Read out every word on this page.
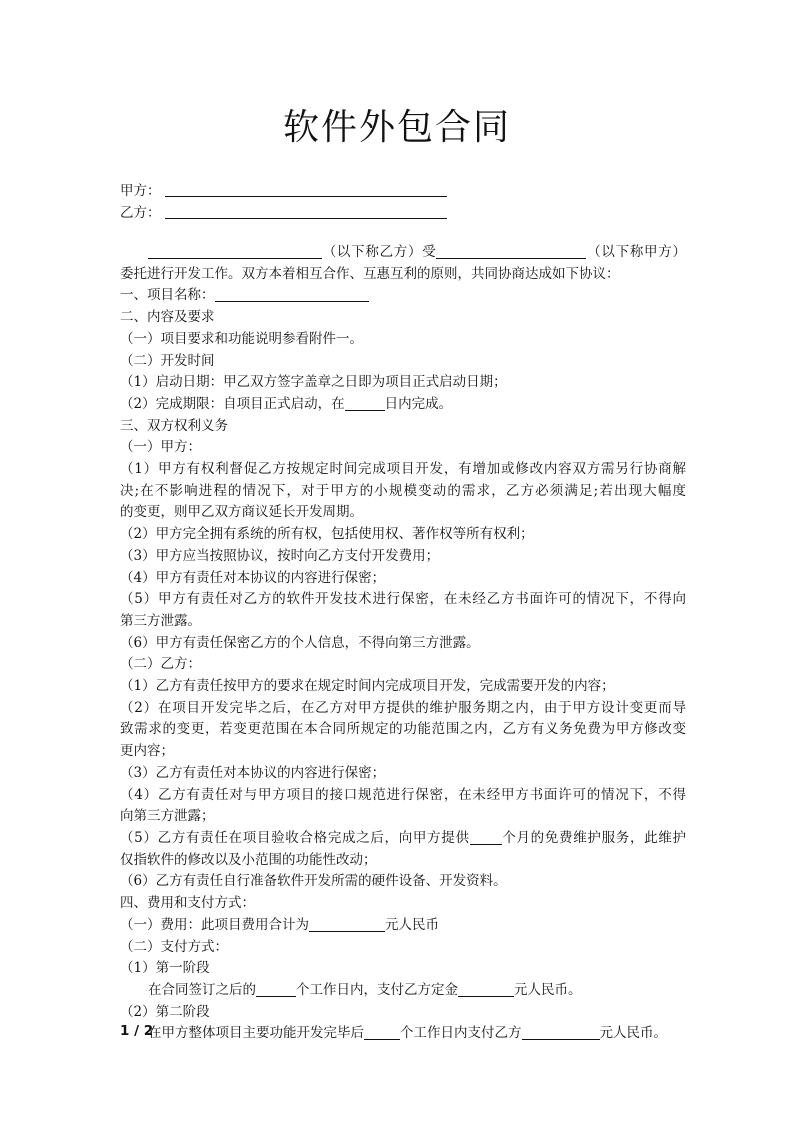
软件外包合同
甲方：
乙方：

（以下称乙方）受	（以下称甲方）

委托进行开发工作。双方本着相互合作、互惠互利的原则，共同协商达成如下协议：

一、项目名称：

二、内容及要求

（一）项目要求和功能说明参看附件一。

（二）开发时间

（1）启动日期：甲乙双方签字盖章之日即为项目正式启动日期；

（2）完成期限：自项目正式启动，在	日内完成。

三、双方权利义务

（一）甲方：

（1）甲方有权利督促乙方按规定时间完成项目开发，有增加或修改内容双方需另行协商解

决;在不影响进程的情况下，对于甲方的小规模变动的需求，乙方必须满足;若出现大幅度

的变更，则甲乙双方商议延长开发周期。

（2）甲方完全拥有系统的所有权，包括使用权、著作权等所有权利；

（3）甲方应当按照协议，按时向乙方支付开发费用；

（4）甲方有责任对本协议的内容进行保密；

（5）甲方有责任对乙方的软件开发技术进行保密，在未经乙方书面许可的情况下，不得向

第三方泄露。

（6）甲方有责任保密乙方的个人信息，不得向第三方泄露。

（二）乙方：

（1）乙方有责任按甲方的要求在规定时间内完成项目开发，完成需要开发的内容；

（2）在项目开发完毕之后，在乙方对甲方提供的维护服务期之内，由于甲方设计变更而导

致需求的变更，若变更范围在本合同所规定的功能范围之内，乙方有义务免费为甲方修改变

更内容；

（3）乙方有责任对本协议的内容进行保密；

（4）乙方有责任对与甲方项目的接口规范进行保密，在未经甲方书面许可的情况下，不得

向第三方泄露；

（5）乙方有责任在项目验收合格完成之后，向甲方提供 个月的免费维护服务，此维护

仅指软件的修改以及小范围的功能性改动；

（6）乙方有责任自行准备软件开发所需的硬件设备、开发资料。

四、费用和支付方式：

（一）费用：此项目费用合计为	元人民币

（二）支付方式：

（1）第一阶段

在合同签订之后的	个工作日内，支付乙方定金	元人民币。

（2）第二阶段

在甲方整体项目主要功能开发完毕后	个工作日内支付乙方	元人民币。

1 / 2
